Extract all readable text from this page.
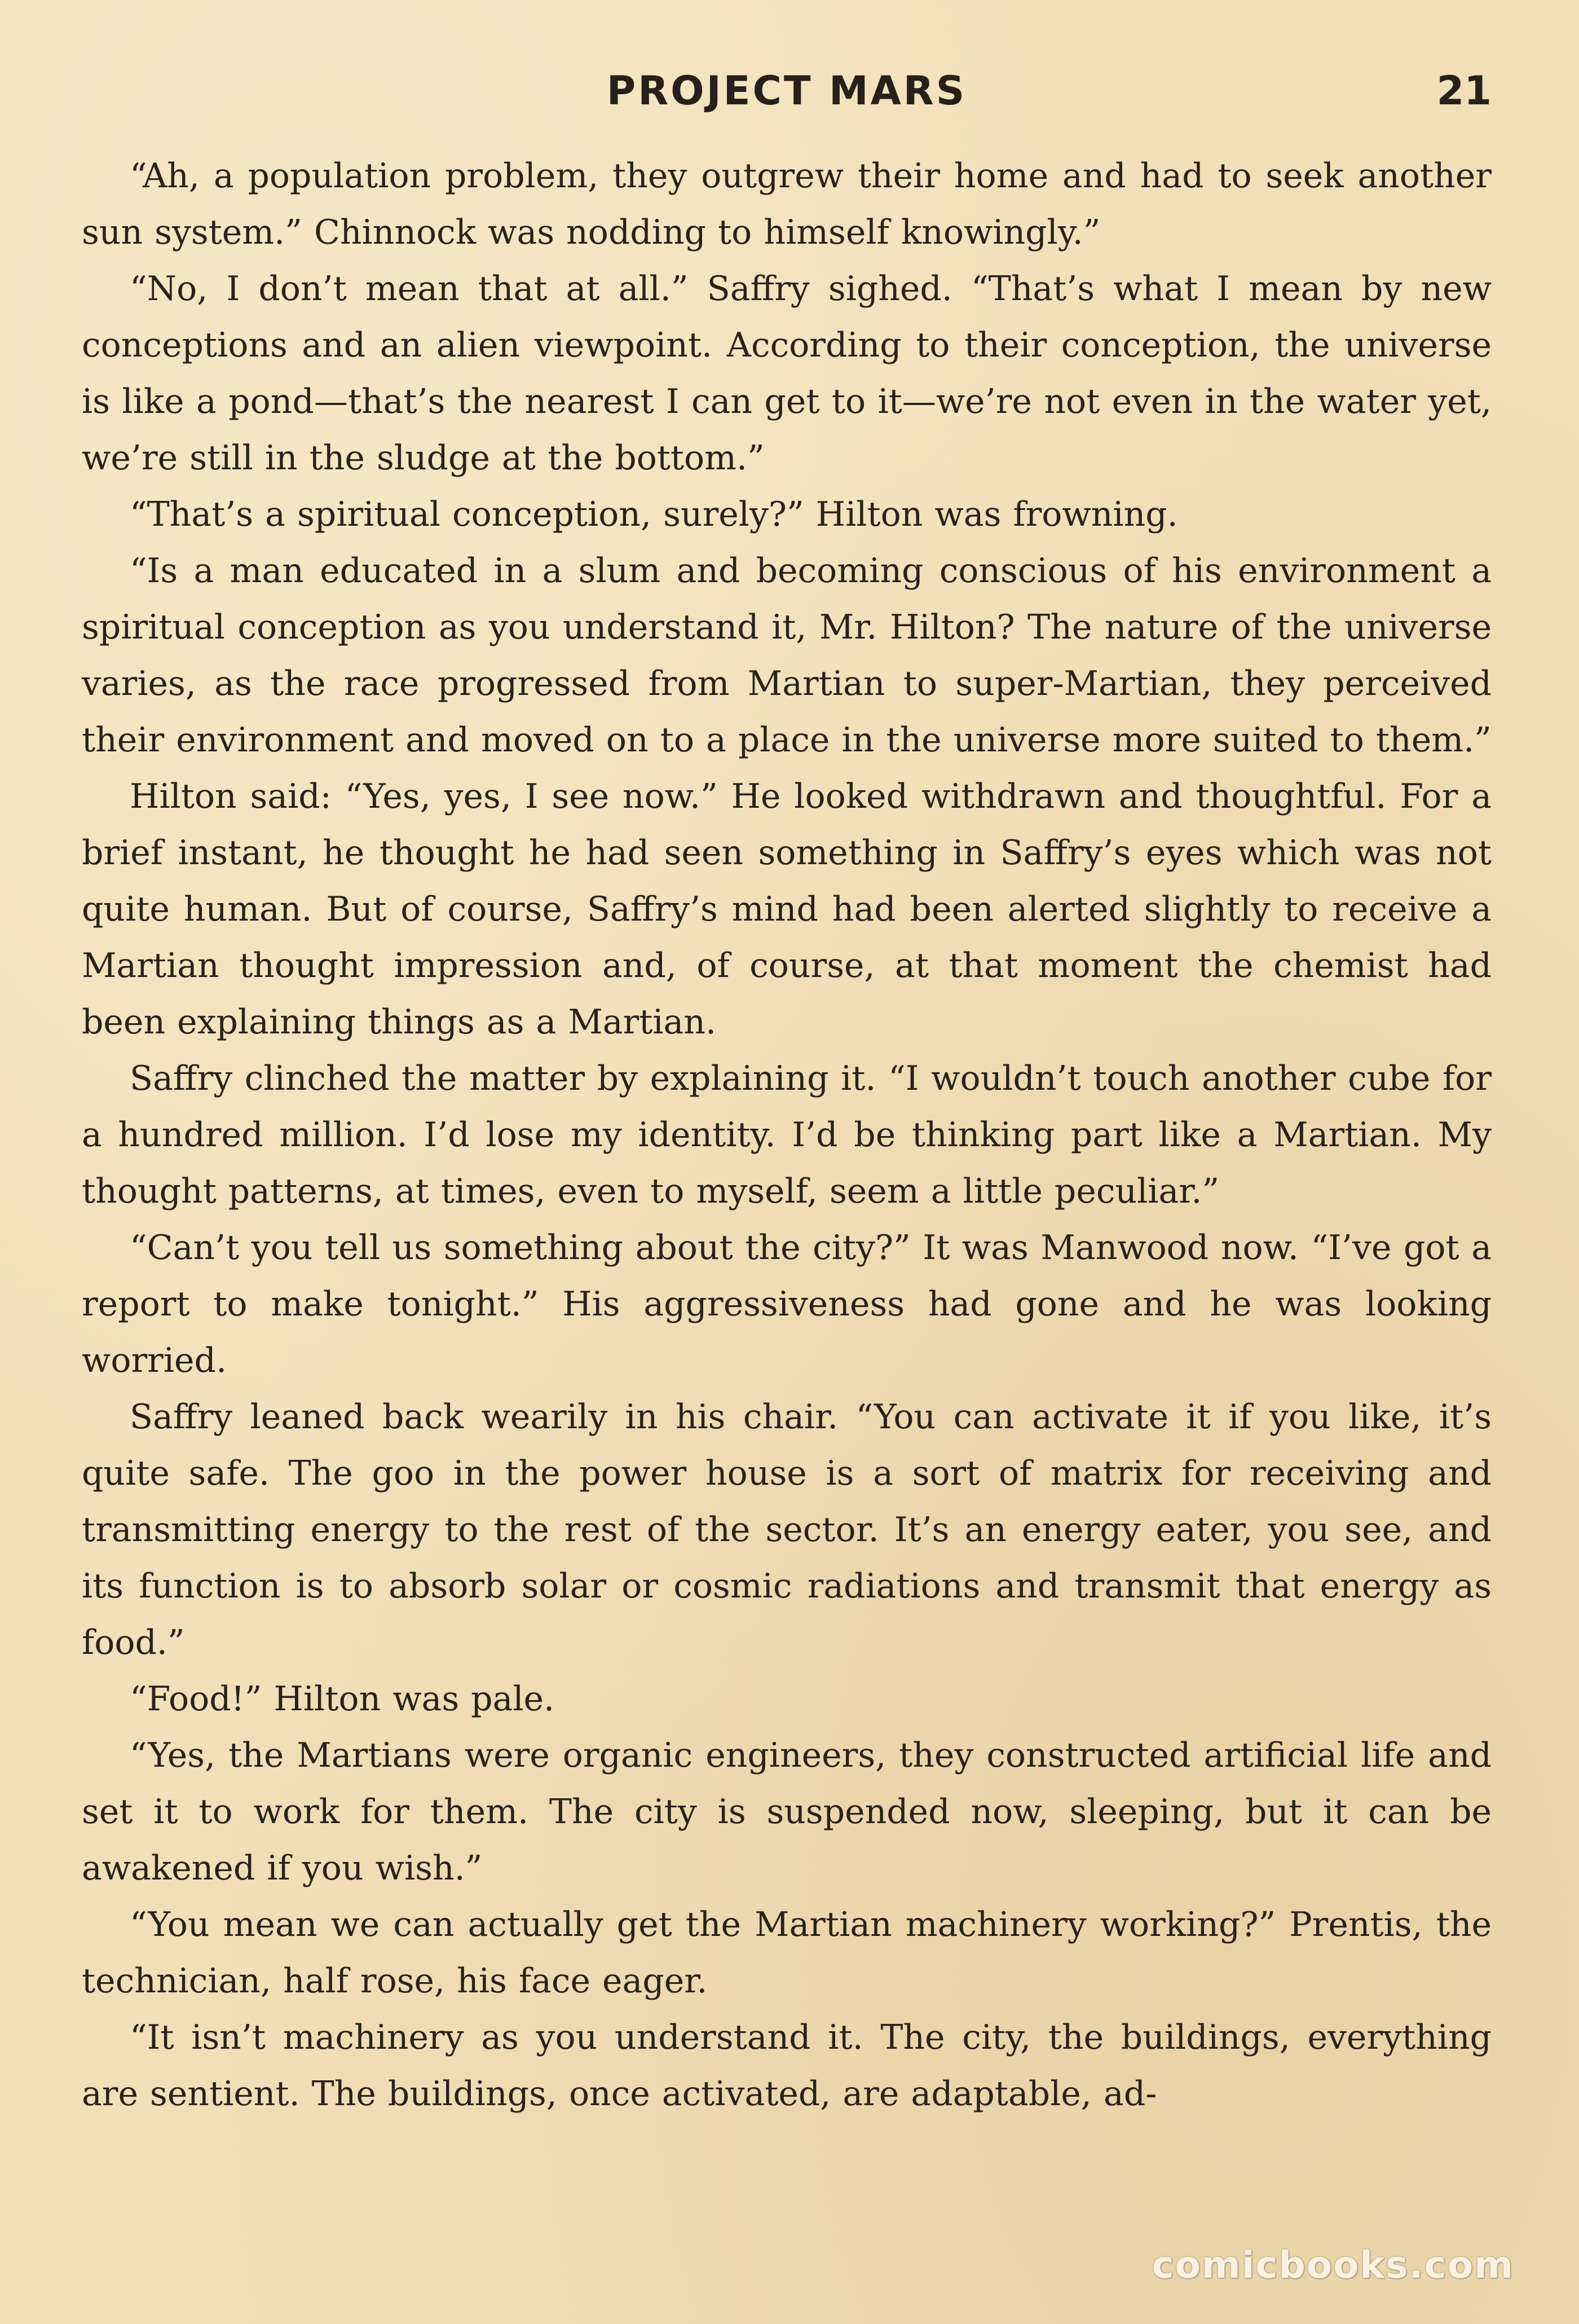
PROJECT MARS	21

“Ah, a population problem, they outgrew their home and had to seek another sun system.” Chinnock was nodding to himself knowingly.”

“No, I don’t mean that at all.” Saffry sighed. “That’s what I mean by new conceptions and an alien viewpoint. According to their conception, the universe is like a pond—that’s the nearest I can get to it—we’re not even in the water yet, we’re still in the sludge at the bottom.”

“That’s a spiritual conception, surely?” Hilton was frowning.

“Is a man educated in a slum and becoming conscious of his environment a spiritual conception as you understand it, Mr. Hilton? The nature of the universe varies, as the race progressed from Martian to super-Martian, they perceived their environment and moved on to a place in the universe more suited to them.”

Hilton said: “Yes, yes, I see now.” He looked withdrawn and thoughtful. For a brief instant, he thought he had seen something in Saffry’s eyes which was not quite human. But of course, Saffry’s mind had been alerted slightly to receive a Martian thought impression and, of course, at that moment the chemist had been explaining things as a Martian.

Saffry clinched the matter by explaining it. “I wouldn’t touch another cube for a hundred million. I’d lose my identity. I’d be thinking part like a Martian. My thought patterns, at times, even to myself, seem a little peculiar.”

“Can’t you tell us something about the city?” It was Manwood now. “I’ve got a report to make tonight.” His aggressiveness had gone and he was looking worried.

Saffry leaned back wearily in his chair. “You can activate it if you like, it’s quite safe. The goo in the power house is a sort of matrix for receiving and transmitting energy to the rest of the sector. It’s an energy eater, you see, and its function is to absorb solar or cosmic radiations and transmit that energy as food.”

“Food!” Hilton was pale.

“Yes, the Martians were organic engineers, they constructed artificial life and set it to work for them. The city is suspended now, sleeping, but it can be awakened if you wish.”

“You mean we can actually get the Martian machinery working?” Prentis, the technician, half rose, his face eager.

“It isn’t machinery as you understand it. The city, the buildings, everything are sentient. The buildings, once activated, are adaptable, ad-

comicbooks.com
